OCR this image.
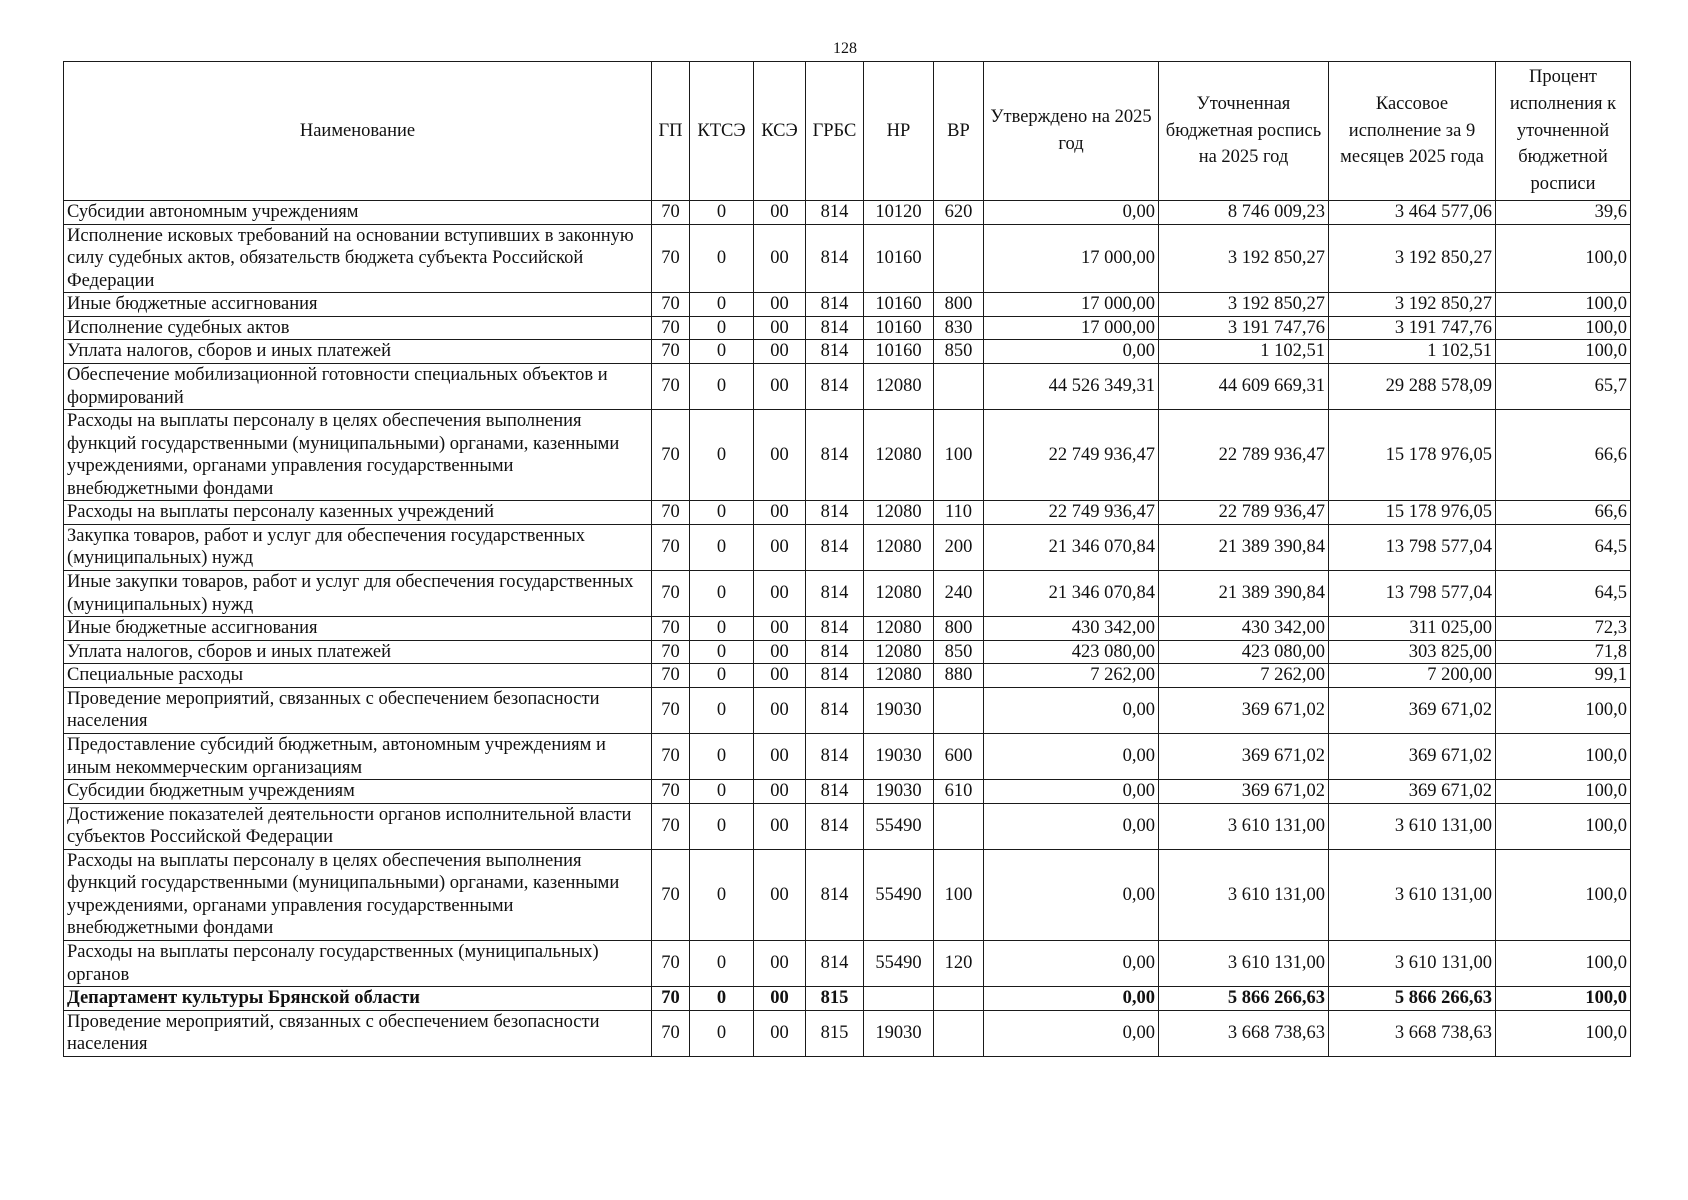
128
Наименование	ГП	КТСЭ	КСЭ	ГРБС	НР	ВР	Утверждено на 2025 год	Уточненная бюджетная роспись на 2025 год	Кассовое исполнение за 9 месяцев 2025 года	Процент исполнения к уточненной бюджетной росписи
Субсидии автономным учреждениям	70	0	00	814	10120	620	0,00	8 746 009,23	3 464 577,06	39,6
Исполнение исковых требований на основании вступивших в законную силу судебных актов, обязательств бюджета субъекта Российской Федерации	70	0	00	814	10160		17 000,00	3 192 850,27	3 192 850,27	100,0
Иные бюджетные ассигнования	70	0	00	814	10160	800	17 000,00	3 192 850,27	3 192 850,27	100,0
Исполнение судебных актов	70	0	00	814	10160	830	17 000,00	3 191 747,76	3 191 747,76	100,0
Уплата налогов, сборов и иных платежей	70	0	00	814	10160	850	0,00	1 102,51	1 102,51	100,0
Обеспечение мобилизационной готовности специальных объектов и формирований	70	0	00	814	12080		44 526 349,31	44 609 669,31	29 288 578,09	65,7
Расходы на выплаты персоналу в целях обеспечения выполнения функций государственными (муниципальными) органами, казенными учреждениями, органами управления государственными внебюджетными фондами	70	0	00	814	12080	100	22 749 936,47	22 789 936,47	15 178 976,05	66,6
Расходы на выплаты персоналу казенных учреждений	70	0	00	814	12080	110	22 749 936,47	22 789 936,47	15 178 976,05	66,6
Закупка товаров, работ и услуг для обеспечения государственных (муниципальных) нужд	70	0	00	814	12080	200	21 346 070,84	21 389 390,84	13 798 577,04	64,5
Иные закупки товаров, работ и услуг для обеспечения государственных (муниципальных) нужд	70	0	00	814	12080	240	21 346 070,84	21 389 390,84	13 798 577,04	64,5
Иные бюджетные ассигнования	70	0	00	814	12080	800	430 342,00	430 342,00	311 025,00	72,3
Уплата налогов, сборов и иных платежей	70	0	00	814	12080	850	423 080,00	423 080,00	303 825,00	71,8
Специальные расходы	70	0	00	814	12080	880	7 262,00	7 262,00	7 200,00	99,1
Проведение мероприятий, связанных с обеспечением безопасности населения	70	0	00	814	19030		0,00	369 671,02	369 671,02	100,0
Предоставление субсидий бюджетным, автономным учреждениям и иным некоммерческим организациям	70	0	00	814	19030	600	0,00	369 671,02	369 671,02	100,0
Субсидии бюджетным учреждениям	70	0	00	814	19030	610	0,00	369 671,02	369 671,02	100,0
Достижение показателей деятельности органов исполнительной власти субъектов Российской Федерации	70	0	00	814	55490		0,00	3 610 131,00	3 610 131,00	100,0
Расходы на выплаты персоналу в целях обеспечения выполнения функций государственными (муниципальными) органами, казенными учреждениями, органами управления государственными внебюджетными фондами	70	0	00	814	55490	100	0,00	3 610 131,00	3 610 131,00	100,0
Расходы на выплаты персоналу государственных (муниципальных) органов	70	0	00	814	55490	120	0,00	3 610 131,00	3 610 131,00	100,0
Департамент культуры Брянской области	70	0	00	815			0,00	5 866 266,63	5 866 266,63	100,0
Проведение мероприятий, связанных с обеспечением безопасности населения	70	0	00	815	19030		0,00	3 668 738,63	3 668 738,63	100,0
